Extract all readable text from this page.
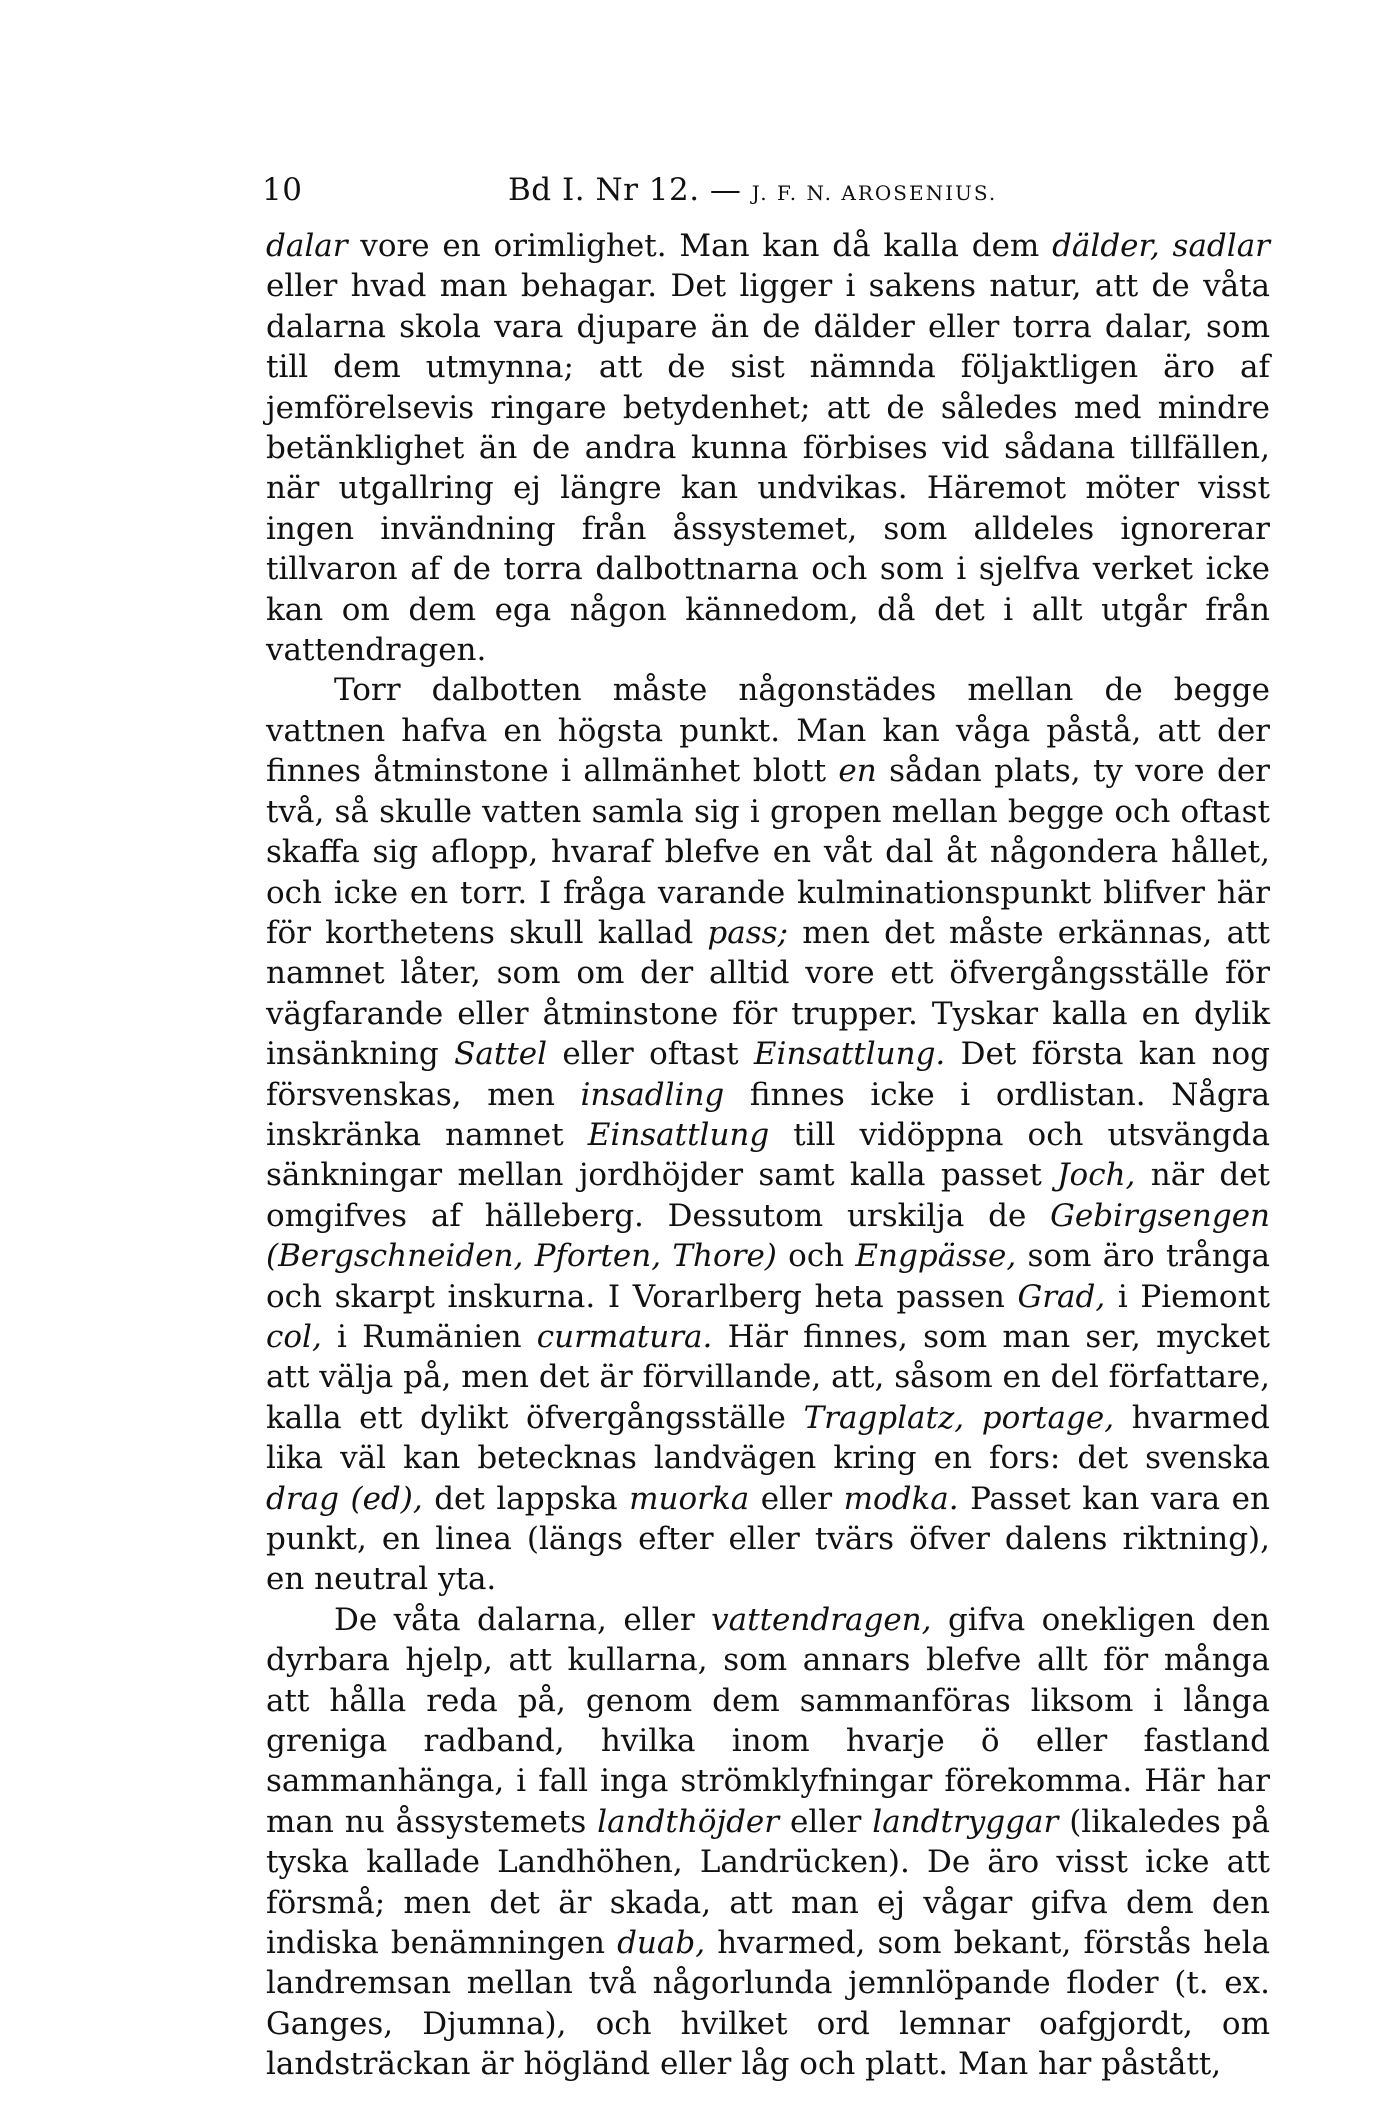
10	Bd I. Nr 12. — J. F. N. AROSENIUS.

dalar vore en orimlighet. Man kan då kalla dem dälder, sadlar eller hvad man behagar. Det ligger i sakens natur, att de våta dalarna skola vara djupare än de dälder eller torra dalar, som till dem utmynna; att de sist nämnda följaktligen äro af jemförelsevis ringare betydenhet; att de således med mindre betänklighet än de andra kunna förbises vid sådana tillfällen, när utgallring ej längre kan undvikas. Häremot möter visst ingen invändning från åssystemet, som alldeles ignorerar tillvaron af de torra dalbottnarna och som i sjelfva verket icke kan om dem ega någon kännedom, då det i allt utgår från vattendragen.

Torr dalbotten måste någonstädes mellan de begge vattnen hafva en högsta punkt. Man kan våga påstå, att der finnes åtminstone i allmänhet blott en sådan plats, ty vore der två, så skulle vatten samla sig i gropen mellan begge och oftast skaffa sig aflopp, hvaraf blefve en våt dal åt någondera hållet, och icke en torr. I fråga varande kulminationspunkt blifver här för korthetens skull kallad pass; men det måste erkännas, att namnet låter, som om der alltid vore ett öfvergångsställe för vägfarande eller åtminstone för trupper. Tyskar kalla en dylik insänkning Sattel eller oftast Einsattlung. Det första kan nog försvenskas, men insadling finnes icke i ordlistan. Några inskränka namnet Einsattlung till vidöppna och utsvängda sänkningar mellan jordhöjder samt kalla passet Joch, när det omgifves af hälleberg. Dessutom urskilja de Gebirgsengen (Bergschneiden, Pforten, Thore) och Engpässe, som äro trånga och skarpt inskurna. I Vorarlberg heta passen Grad, i Piemont col, i Rumänien curmatura. Här finnes, som man ser, mycket att välja på, men det är förvillande, att, såsom en del författare, kalla ett dylikt öfvergångsställe Tragplatz, portage, hvarmed lika väl kan betecknas landvägen kring en fors: det svenska drag (ed), det lappska muorka eller modka. Passet kan vara en punkt, en linea (längs efter eller tvärs öfver dalens riktning), en neutral yta.

De våta dalarna, eller vattendragen, gifva onekligen den dyrbara hjelp, att kullarna, som annars blefve allt för många att hålla reda på, genom dem sammanföras liksom i långa greniga radband, hvilka inom hvarje ö eller fastland sammanhänga, i fall inga strömklyfningar förekomma. Här har man nu åssystemets landthöjder eller landtryggar (likaledes på tyska kallade Landhöhen, Landrücken). De äro visst icke att försmå; men det är skada, att man ej vågar gifva dem den indiska benämningen duab, hvarmed, som bekant, förstås hela landremsan mellan två någorlunda jemnlöpande floder (t. ex. Ganges, Djumna), och hvilket ord lemnar oafgjordt, om landsträckan är högländ eller låg och platt. Man har påstått,
